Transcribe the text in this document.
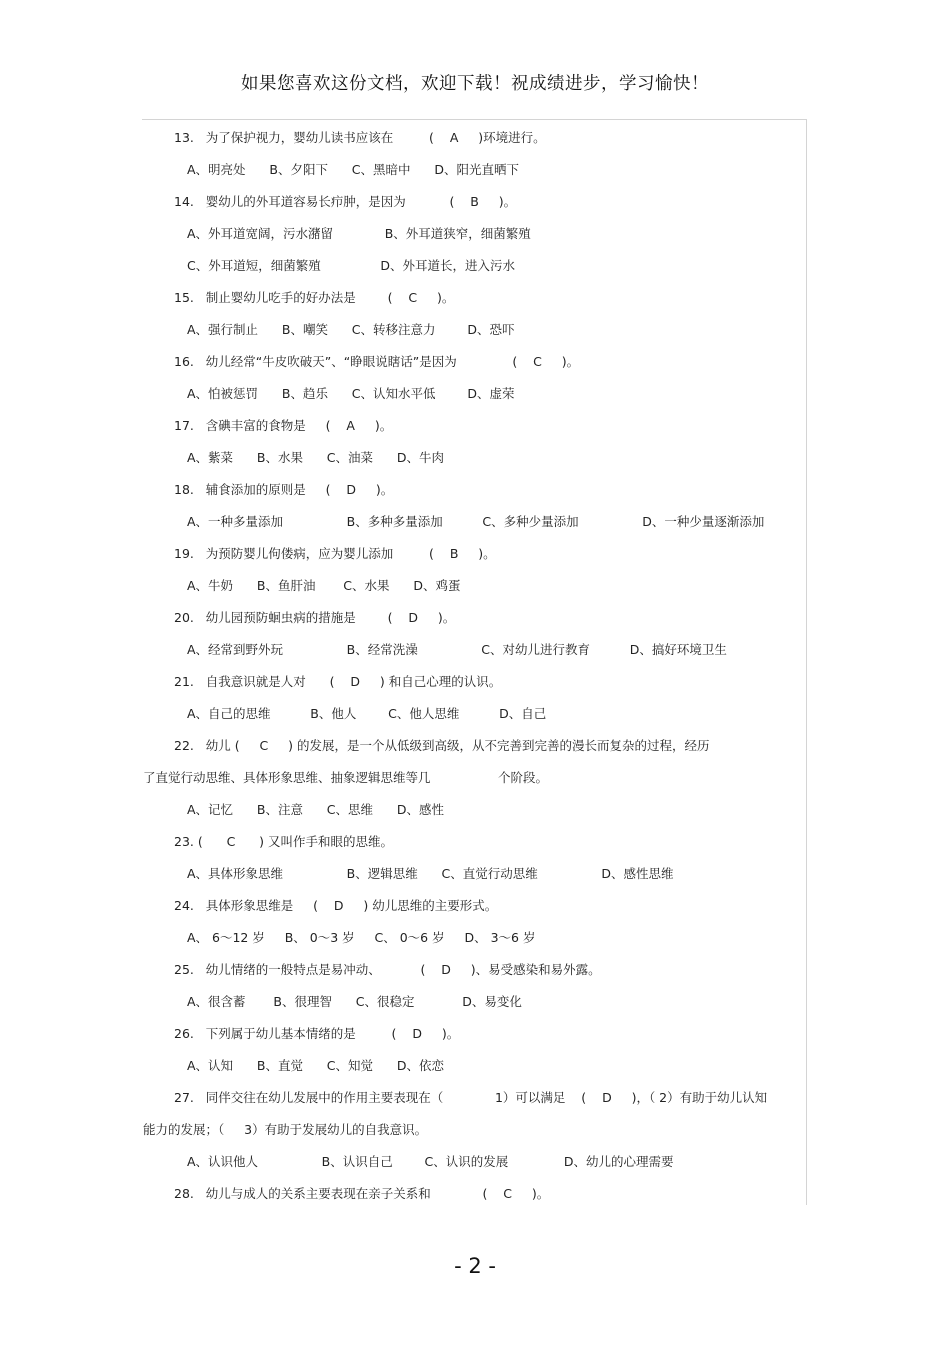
如果您喜欢这份文档，欢迎下载！祝成绩进步，学习愉快！
13.   为了保护视力，婴幼儿读书应该在         (    A     )环境进行。
A、明亮处      B、夕阳下      C、黑暗中      D、阳光直晒下
14.   婴幼儿的外耳道容易长疖肿，是因为           (    B     )。
A、外耳道宽阔，污水潴留             B、外耳道狭窄，细菌繁殖
C、外耳道短，细菌繁殖               D、外耳道长，进入污水
15.   制止婴幼儿吃手的好办法是        (    C     )。
A、强行制止      B、嘲笑      C、转移注意力        D、恐吓
16.   幼儿经常“牛皮吹破天”、“睁眼说瞎话”是因为              (    C     )。
A、怕被惩罚      B、趋乐      C、认知水平低        D、虚荣
17.   含碘丰富的食物是     (    A     )。
A、紫菜      B、水果      C、油菜      D、牛肉
18.   辅食添加的原则是     (    D     )。
A、一种多量添加                B、多种多量添加          C、多种少量添加                D、一种少量逐渐添加
19.   为预防婴儿佝偻病，应为婴儿添加         (    B     )。
A、牛奶      B、鱼肝油       C、水果      D、鸡蛋
20.   幼儿园预防蛔虫病的措施是        (    D     )。
A、经常到野外玩                B、经常洗澡                C、对幼儿进行教育          D、搞好环境卫生
21.   自我意识就是人对      (    D     ) 和自己心理的认识。
A、自己的思维          B、他人        C、他人思维          D、自己
22.   幼儿 (     C     ) 的发展，是一个从低级到高级，从不完善到完善的漫长而复杂的过程，经历
了直觉行动思维、具体形象思维、抽象逻辑思维等几                 个阶段。
A、记忆      B、注意      C、思维      D、感性
23. (      C      ) 又叫作手和眼的思维。
A、具体形象思维                B、逻辑思维      C、直觉行动思维                D、感性思维
24.   具体形象思维是     (    D     ) 幼儿思维的主要形式。
A、 6～12 岁     B、 0～3 岁     C、 0～6 岁     D、 3～6 岁
25.   幼儿情绪的一般特点是易冲动、          (    D     )、易受感染和易外露。
A、很含蓄       B、很理智      C、很稳定            D、易变化
26.   下列属于幼儿基本情绪的是         (    D     )。
A、认知      B、直觉      C、知觉      D、依恋
27.   同伴交往在幼儿发展中的作用主要表现在（             1）可以满足    (    D     )，（ 2）有助于幼儿认知
能力的发展；（     3）有助于发展幼儿的自我意识。
A、认识他人                B、认识自己        C、认识的发展              D、幼儿的心理需要
28.   幼儿与成人的关系主要表现在亲子关系和             (    C     )。
- 2 -
